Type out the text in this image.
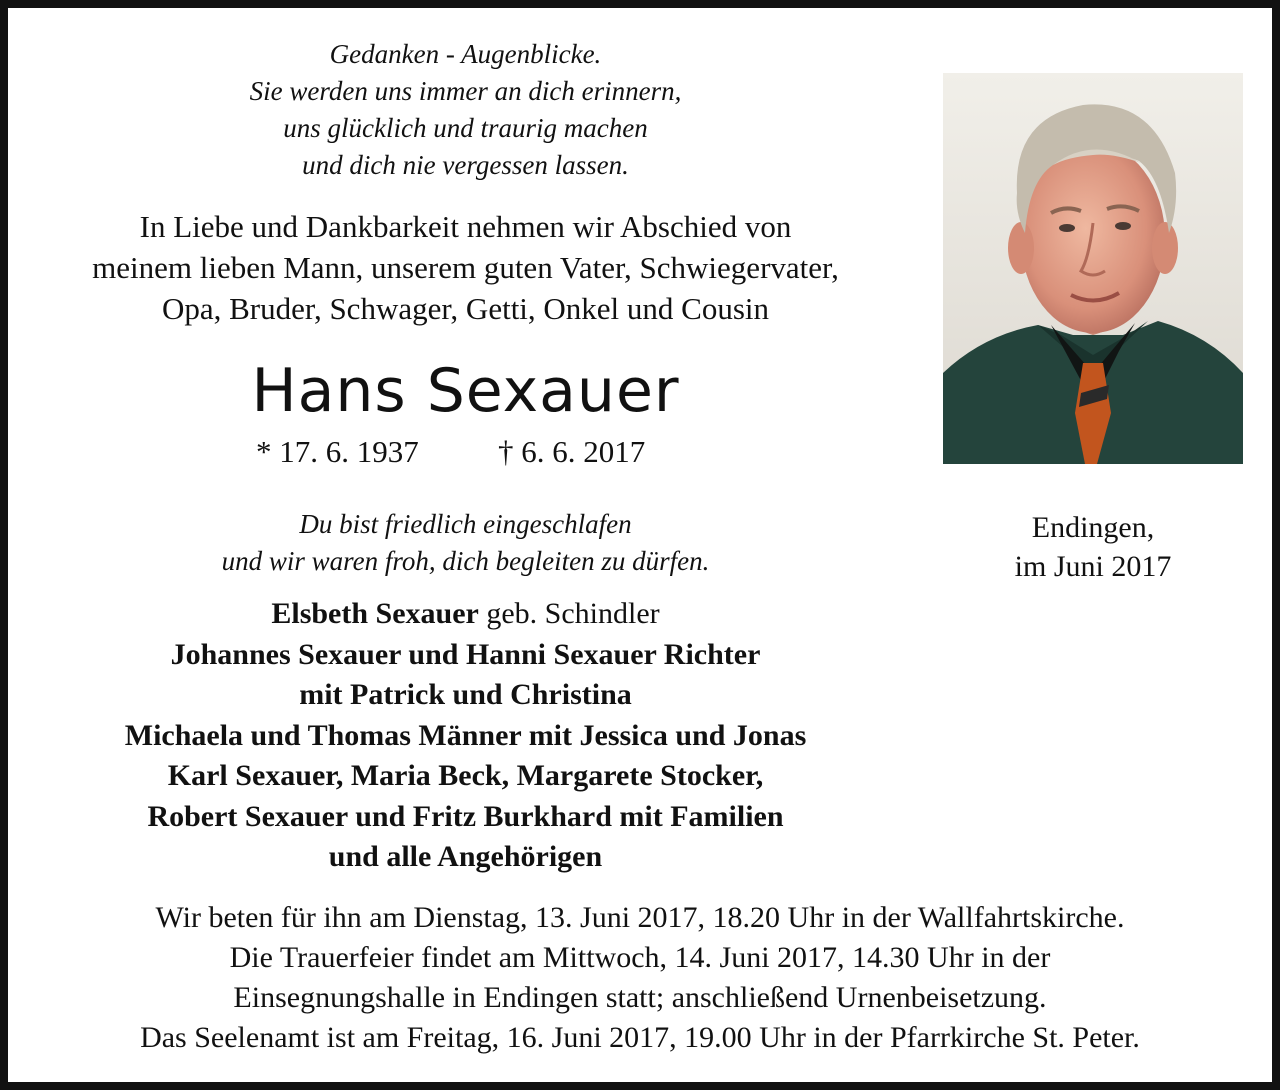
Gedanken - Augenblicke.
Sie werden uns immer an dich erinnern,
uns glücklich und traurig machen
und dich nie vergessen lassen.
In Liebe und Dankbarkeit nehmen wir Abschied von
meinem lieben Mann, unserem guten Vater, Schwiegervater,
Opa, Bruder, Schwager, Getti, Onkel und Cousin
Hans Sexauer
* 17. 6. 1937	† 6. 6. 2017
Du bist friedlich eingeschlafen
und wir waren froh, dich begleiten zu dürfen.
Elsbeth Sexauer geb. Schindler
Johannes Sexauer und Hanni Sexauer Richter
mit Patrick und Christina
Michaela und Thomas Männer mit Jessica und Jonas
Karl Sexauer, Maria Beck, Margarete Stocker,
Robert Sexauer und Fritz Burkhard mit Familien
und alle Angehörigen
Endingen,
im Juni 2017
Wir beten für ihn am Dienstag, 13. Juni 2017, 18.20 Uhr in der Wallfahrtskirche.
Die Trauerfeier findet am Mittwoch, 14. Juni 2017, 14.30 Uhr in der
Einsegnungshalle in Endingen statt; anschließend Urnenbeisetzung.
Das Seelenamt ist am Freitag, 16. Juni 2017, 19.00 Uhr in der Pfarrkirche St. Peter.
